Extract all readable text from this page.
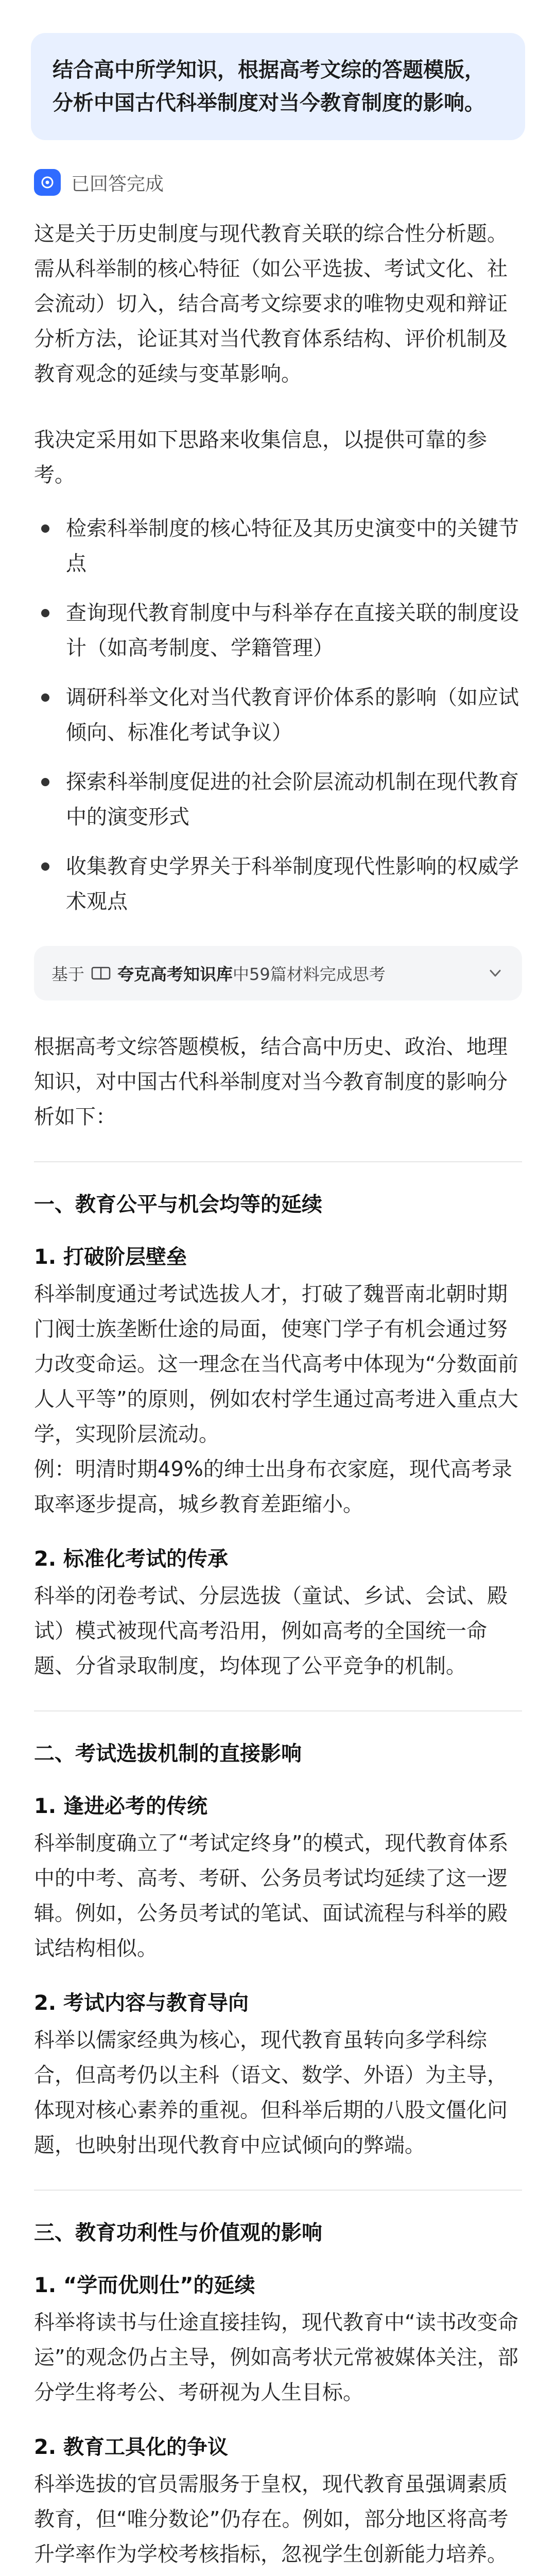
结合高中所学知识，根据高考文综的答题模版，分析中国古代科举制度对当今教育制度的影响。
已回答完成

这是关于历史制度与现代教育关联的综合性分析题。需从科举制的核心特征（如公平选拔、考试文化、社会流动）切入，结合高考文综要求的唯物史观和辩证分析方法，论证其对当代教育体系结构、评价机制及教育观念的延续与变革影响。

我决定采用如下思路来收集信息，以提供可靠的参考。

检索科举制度的核心特征及其历史演变中的关键节点
查询现代教育制度中与科举存在直接关联的制度设计（如高考制度、学籍管理）
调研科举文化对当代教育评价体系的影响（如应试倾向、标准化考试争议）
探索科举制度促进的社会阶层流动机制在现代教育中的演变形式
收集教育史学界关于科举制度现代性影响的权威学术观点
基于 夸克高考知识库 中59篇材料完成思考

根据高考文综答题模板，结合高中历史、政治、地理知识，对中国古代科举制度对当今教育制度的影响分析如下：

一、教育公平与机会均等的延续
1. 打破阶层壁垒

科举制度通过考试选拔人才，打破了魏晋南北朝时期门阀士族垄断仕途的局面，使寒门学子有机会通过努力改变命运。这一理念在当代高考中体现为“分数面前人人平等”的原则，例如农村学生通过高考进入重点大学，实现阶层流动。

例：明清时期49%的绅士出身布衣家庭，现代高考录取率逐步提高，城乡教育差距缩小。

2. 标准化考试的传承

科举的闭卷考试、分层选拔（童试、乡试、会试、殿试）模式被现代高考沿用，例如高考的全国统一命题、分省录取制度，均体现了公平竞争的机制。

二、考试选拔机制的直接影响
1. 逢进必考的传统

科举制度确立了“考试定终身”的模式，现代教育体系中的中考、高考、考研、公务员考试均延续了这一逻辑。例如，公务员考试的笔试、面试流程与科举的殿试结构相似。

2. 考试内容与教育导向

科举以儒家经典为核心，现代教育虽转向多学科综合，但高考仍以主科（语文、数学、外语）为主导，体现对核心素养的重视。但科举后期的八股文僵化问题，也映射出现代教育中应试倾向的弊端。

三、教育功利性与价值观的影响
1. “学而优则仕”的延续

科举将读书与仕途直接挂钩，现代教育中“读书改变命运”的观念仍占主导，例如高考状元常被媒体关注，部分学生将考公、考研视为人生目标。

2. 教育工具化的争议

科举选拔的官员需服务于皇权，现代教育虽强调素质教育，但“唯分数论”仍存在。例如，部分地区将高考升学率作为学校考核指标，忽视学生创新能力培养。
